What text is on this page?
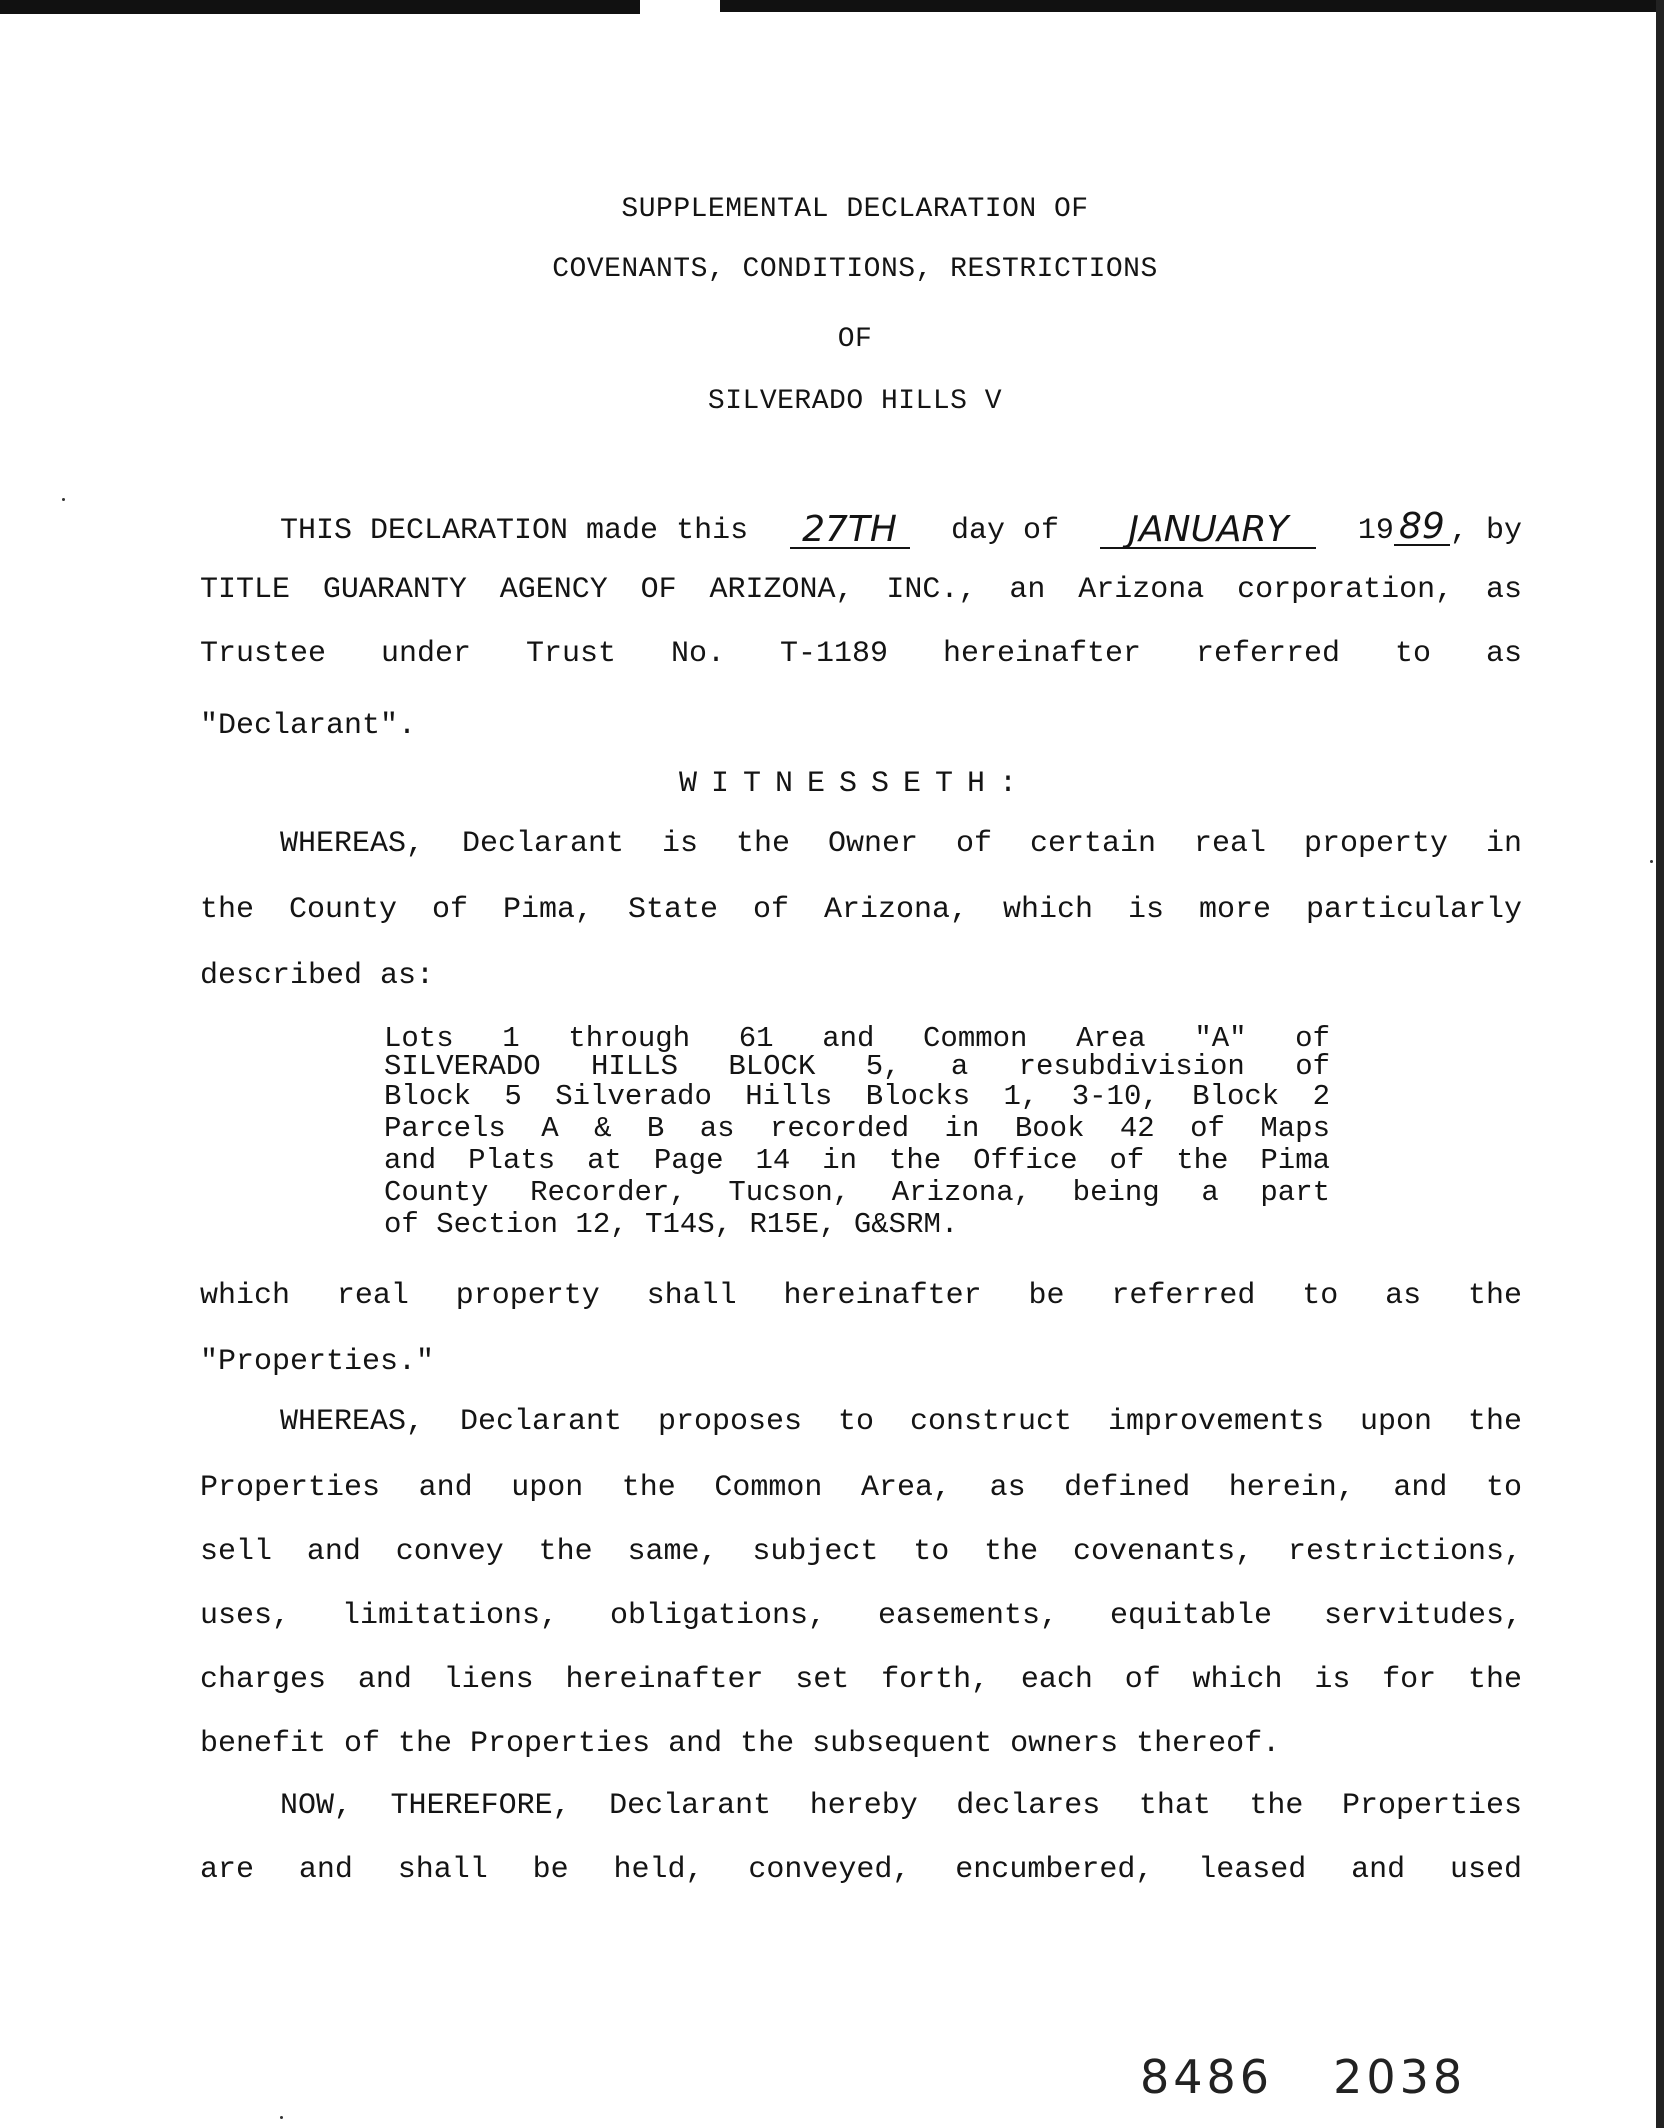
SUPPLEMENTAL DECLARATION OF
COVENANTS, CONDITIONS, RESTRICTIONS
OF
SILVERADO HILLS V
THIS DECLARATION made this	27TH	day of	JANUARY	19 89 , by
TITLE GUARANTY AGENCY OF ARIZONA, INC., an Arizona corporation, as
Trustee under Trust No. T-1189 hereinafter referred to as
"Declarant".
WITNESSETH:
WHEREAS, Declarant is the Owner of certain real property in
the County of Pima, State of Arizona, which is more particularly
described as:
Lots 1 through 61 and Common Area "A" of
SILVERADO HILLS BLOCK 5, a resubdivision of
Block 5 Silverado Hills Blocks 1, 3-10, Block 2
Parcels A & B as recorded in Book 42 of Maps
and Plats at Page 14 in the Office of the Pima
County Recorder, Tucson, Arizona, being a part
of Section 12, T14S, R15E, G&SRM.
which real property shall hereinafter be referred to as the
"Properties."
WHEREAS, Declarant proposes to construct improvements upon the
Properties and upon the Common Area, as defined herein, and to
sell and convey the same, subject to the covenants, restrictions,
uses, limitations, obligations, easements, equitable servitudes,
charges and liens hereinafter set forth, each of which is for the
benefit of the Properties and the subsequent owners thereof.
NOW, THEREFORE, Declarant hereby declares that the Properties
are and shall be held, conveyed, encumbered, leased and used
8486 2038
